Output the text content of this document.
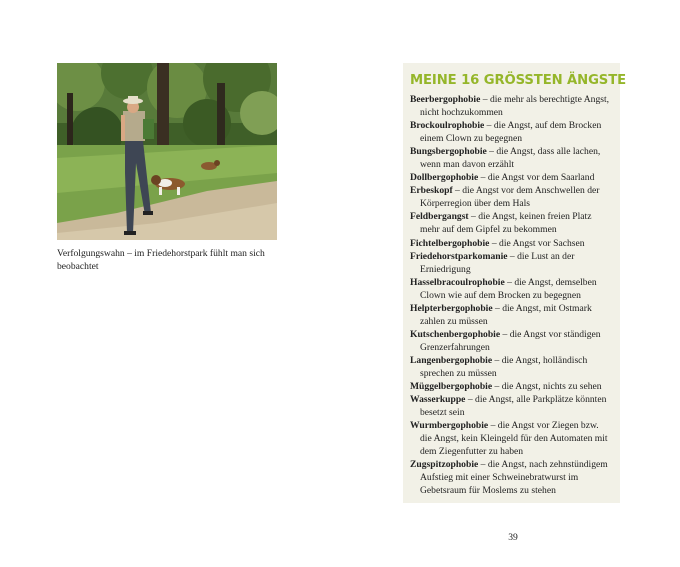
Verfolgungswahn – im Friedehorstpark fühlt man sich beobachtet
MEINE 16 GRÖSSTEN ÄNGSTE
Beerbergophobie – die mehr als berechtigte Angst, nicht hochzukommen
Brockoulrophobie – die Angst, auf dem Brocken einem Clown zu begegnen
Bungsbergophobie – die Angst, dass alle lachen, wenn man davon erzählt
Dollbergophobie – die Angst vor dem Saarland
Erbeskopf – die Angst vor dem Anschwellen der Körperregion über dem Hals
Feldbergangst – die Angst, keinen freien Platz mehr auf dem Gipfel zu bekommen
Fichtelbergophobie – die Angst vor Sachsen
Friedehorstparkomanie – die Lust an der Erniedrigung
Hasselbracoulrophobie – die Angst, demselben Clown wie auf dem Brocken zu begegnen
Helpterbergophobie – die Angst, mit Ostmark zahlen zu müssen
Kutschenbergophobie – die Angst vor ständigen Grenzerfahrungen
Langenbergophobie – die Angst, holländisch sprechen zu müssen
Müggelbergophobie – die Angst, nichts zu sehen
Wasserkuppe – die Angst, alle Parkplätze könnten besetzt sein
Wurmbergophobie – die Angst vor Ziegen bzw. die Angst, kein Kleingeld für den Automaten mit dem Ziegenfutter zu haben
Zugspitzophobie – die Angst, nach zehnstündigem Aufstieg mit einer Schweinebratwurst im Gebetsraum für Moslems zu stehen
39
